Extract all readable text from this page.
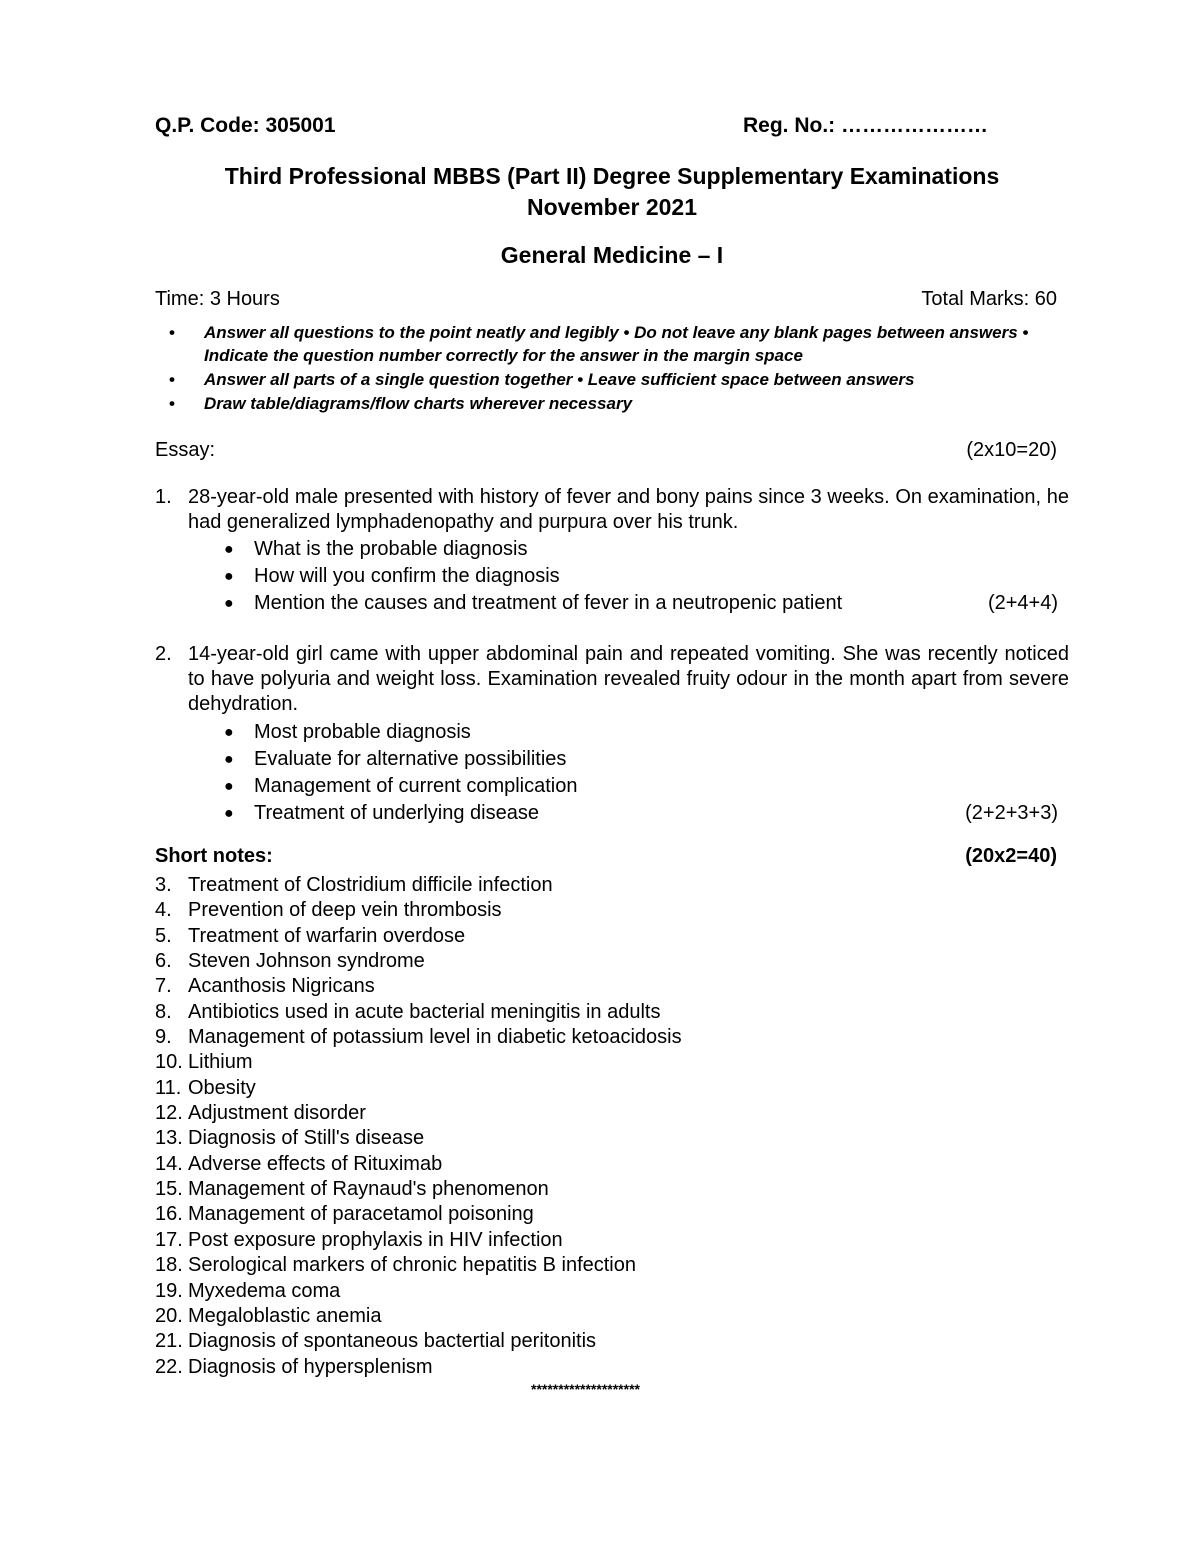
Q.P. Code: 305001	Reg. No.: …………………
Third Professional MBBS (Part II) Degree Supplementary Examinations
November 2021
General Medicine – I
Time: 3 Hours	Total Marks: 60
• Answer all questions to the point neatly and legibly • Do not leave any blank pages between answers • Indicate the question number correctly for the answer in the margin space
• Answer all parts of a single question together • Leave sufficient space between answers
• Draw table/diagrams/flow charts wherever necessary
Essay:	(2x10=20)
1. 28-year-old male presented with history of fever and bony pains since 3 weeks. On examination, he had generalized lymphadenopathy and purpura over his trunk.
● What is the probable diagnosis
● How will you confirm the diagnosis
● Mention the causes and treatment of fever in a neutropenic patient	(2+4+4)
2. 14-year-old girl came with upper abdominal pain and repeated vomiting. She was recently noticed to have polyuria and weight loss. Examination revealed fruity odour in the month apart from severe dehydration.
● Most probable diagnosis
● Evaluate for alternative possibilities
● Management of current complication
● Treatment of underlying disease	(2+2+3+3)
Short notes:	(20x2=40)
3. Treatment of Clostridium difficile infection
4. Prevention of deep vein thrombosis
5. Treatment of warfarin overdose
6. Steven Johnson syndrome
7. Acanthosis Nigricans
8. Antibiotics used in acute bacterial meningitis in adults
9. Management of potassium level in diabetic ketoacidosis
10. Lithium
11. Obesity
12. Adjustment disorder
13. Diagnosis of Still's disease
14. Adverse effects of Rituximab
15. Management of Raynaud's phenomenon
16. Management of paracetamol poisoning
17. Post exposure prophylaxis in HIV infection
18. Serological markers of chronic hepatitis B infection
19. Myxedema coma
20. Megaloblastic anemia
21. Diagnosis of spontaneous bactertial peritonitis
22. Diagnosis of hypersplenism
********************
